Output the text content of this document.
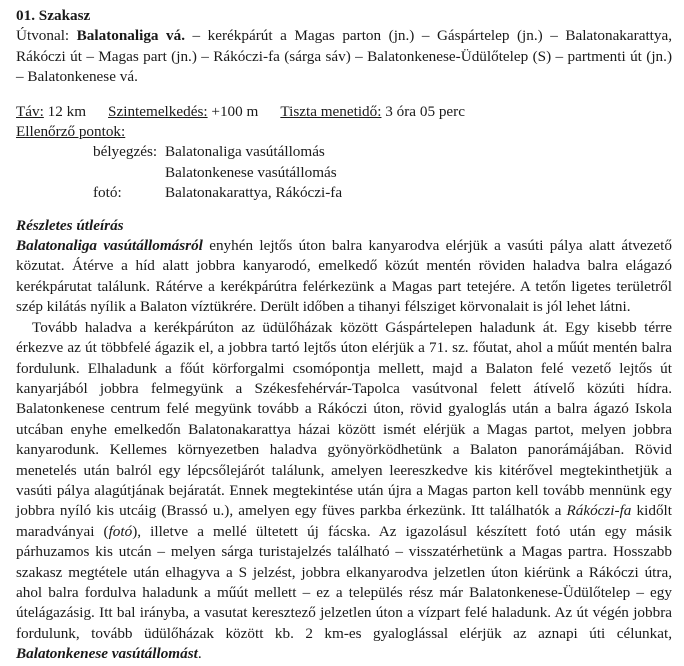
01. Szakasz

Útvonal: Balatonaliga vá. – kerékpárút a Magas parton (jn.) – Gáspártelep (jn.) – Balatonakarattya, Rákóczi út – Magas part (jn.) – Rákóczi-fa (sárga sáv) – Balatonkenese-Üdülőtelep (S) – partmenti út (jn.) – Balatonkenese vá.

Táv: 12 km Szintemelkedés: +100 m Tiszta menetidő: 3 óra 05 perc

Ellenőrző pontok:

bélyegzés: Balatonaliga vasútállomás
Balatonkenese vasútállomás
fotó:	Balatonakarattya, Rákóczi-fa

Részletes útleírás

Balatonaliga vasútállomásról enyhén lejtős úton balra kanyarodva elérjük a vasúti pálya alatt átvezető közutat. Átérve a híd alatt jobbra kanyarodó, emelkedő közút mentén röviden haladva balra elágazó kerékpárutat találunk. Rátérve a kerékpárútra felérkezünk a Magas part tetejére. A tetőn ligetes területről szép kilátás nyílik a Balaton víztükrére. Derült időben a tihanyi félsziget körvonalait is jól lehet látni.

Tovább haladva a kerékpárúton az üdülőházak között Gáspártelepen haladunk át. Egy kisebb térre érkezve az út többfelé ágazik el, a jobbra tartó lejtős úton elérjük a 71. sz. főutat, ahol a műút mentén balra fordulunk. Elhaladunk a főút körforgalmi csomópontja mellett, majd a Balaton felé vezető lejtős út kanyarjából jobbra felmegyünk a Székesfehérvár-Tapolca vasútvonal felett átívelő közúti hídra. Balatonkenese centrum felé megyünk tovább a Rákóczi úton, rövid gyaloglás után a balra ágazó Iskola utcában enyhe emelkedőn Balatonakarattya házai között ismét elérjük a Magas partot, melyen jobbra kanyarodunk. Kellemes környezetben haladva gyönyörködhetünk a Balaton panorámájában. Rövid menetelés után balról egy lépcsőlejárót találunk, amelyen leereszkedve kis kitérővel megtekinthetjük a vasúti pálya alagútjának bejáratát. Ennek megtekintése után újra a Magas parton kell tovább mennünk egy jobbra nyíló kis utcáig (Brassó u.), amelyen egy füves parkba érkezünk. Itt találhatók a Rákóczi-fa kidőlt maradványai (fotó), illetve a mellé ültetett új fácska. Az igazolásul készített fotó után egy másik párhuzamos kis utcán – melyen sárga turistajelzés található – visszatérhetünk a Magas partra. Hosszabb szakasz megtétele után elhagyva a S jelzést, jobbra elkanyarodva jelzetlen úton kiérünk a Rákóczi útra, ahol balra fordulva haladunk a műút mellett – ez a település rész már Balatonkenese-Üdülőtelep – egy útelágazásig. Itt bal irányba, a vasutat keresztező jelzetlen úton a vízpart felé haladunk. Az út végén jobbra fordulunk, tovább üdülőházak között kb. 2 km-es gyaloglással elérjük az aznapi úti célunkat, Balatonkenese vasútállomást.
